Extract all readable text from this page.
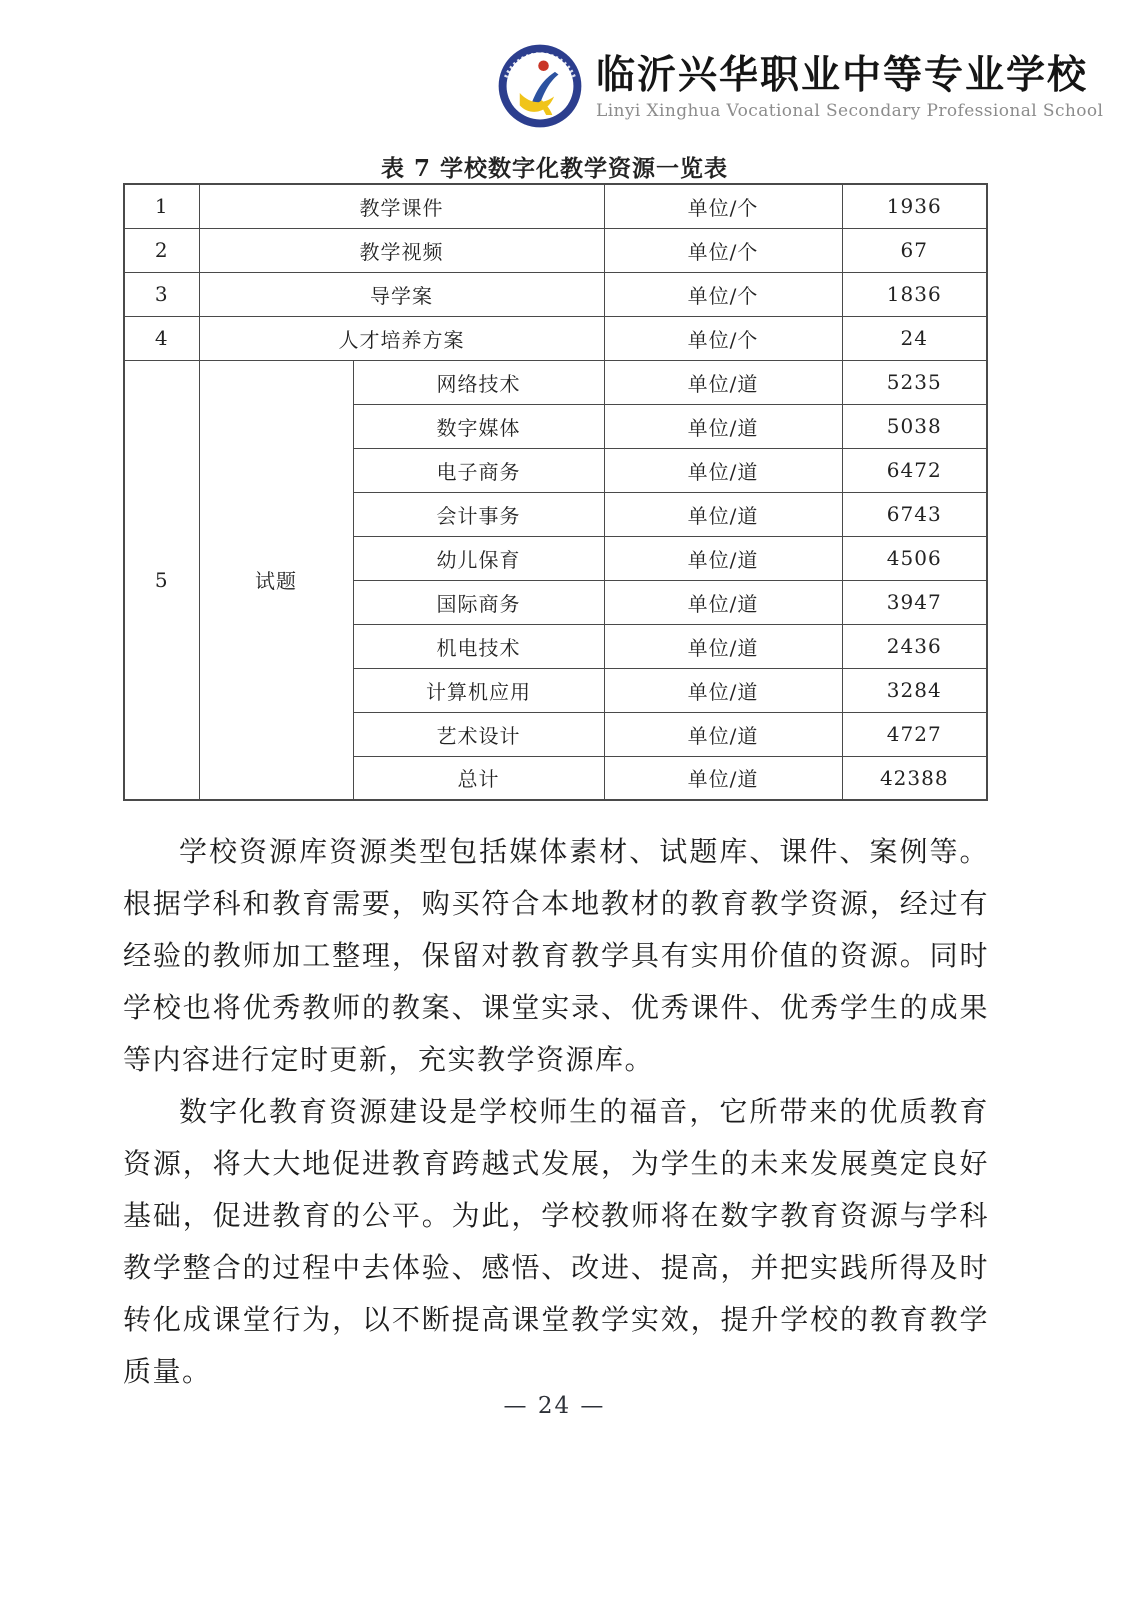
临沂兴华职业中等专业学校
Linyi Xinghua Vocational Secondary Professional School
表 7 学校数字化教学资源一览表
1	教学课件		单位/个	1936
2	教学视频		单位/个	67
3	导学案		单位/个	1836
4	人才培养方案		单位/个	24
5	试题	网络技术	单位/道	5235
		数字媒体	单位/道	5038
		电子商务	单位/道	6472
		会计事务	单位/道	6743
		幼儿保育	单位/道	4506
		国际商务	单位/道	3947
		机电技术	单位/道	2436
		计算机应用	单位/道	3284
		艺术设计	单位/道	4727
		总计	单位/道	42388

学校资源库资源类型包括媒体素材、试题库、课件、案例等。根据学科和教育需要，购买符合本地教材的教育教学资源，经过有经验的教师加工整理，保留对教育教学具有实用价值的资源。同时学校也将优秀教师的教案、课堂实录、优秀课件、优秀学生的成果等内容进行定时更新，充实教学资源库。

数字化教育资源建设是学校师生的福音，它所带来的优质教育资源，将大大地促进教育跨越式发展，为学生的未来发展奠定良好基础，促进教育的公平。为此，学校教师将在数字教育资源与学科教学整合的过程中去体验、感悟、改进、提高，并把实践所得及时转化成课堂行为，以不断提高课堂教学实效，提升学校的教育教学质量。

— 24 —
